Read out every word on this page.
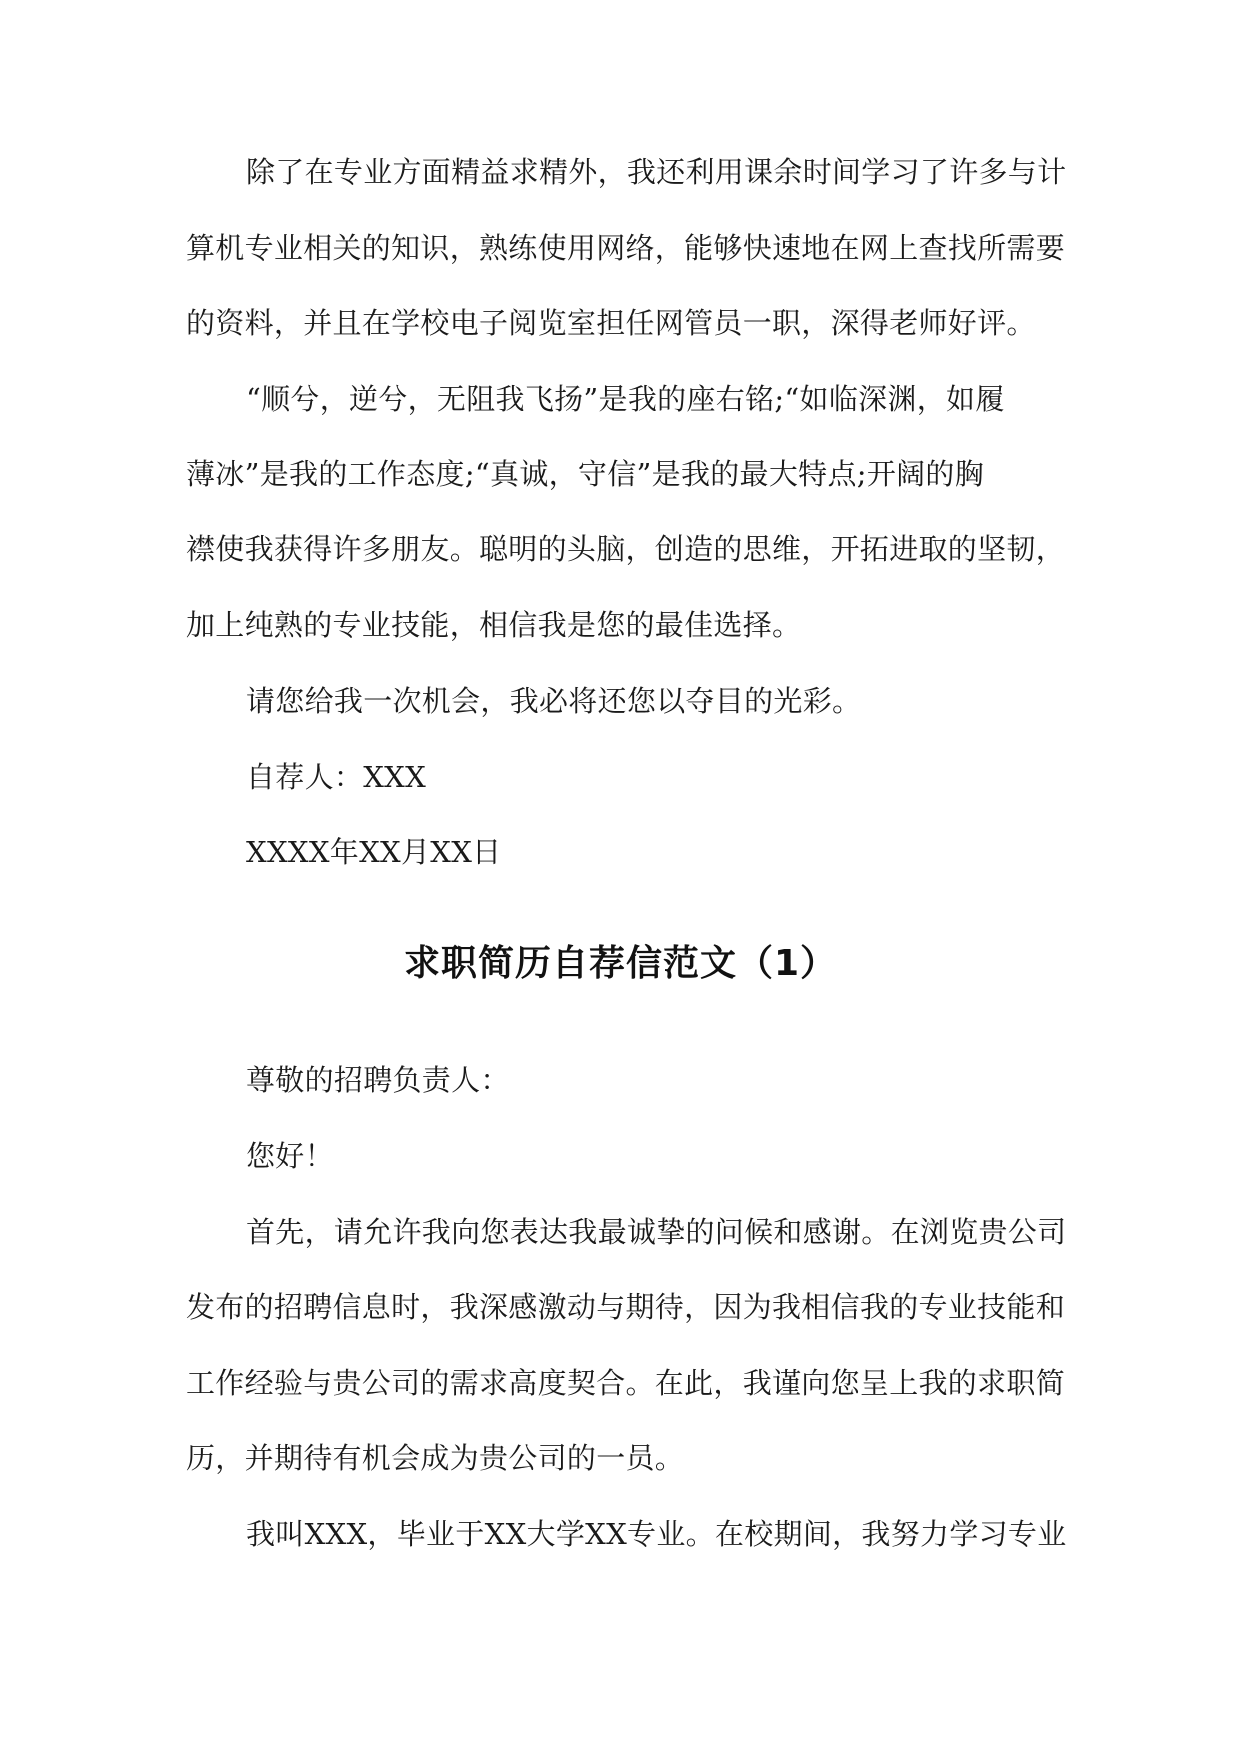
除了在专业方面精益求精外，我还利用课余时间学习了许多与计
算机专业相关的知识，熟练使用网络，能够快速地在网上查找所需要
的资料，并且在学校电子阅览室担任网管员一职，深得老师好评。
“顺兮，逆兮，无阻我飞扬”是我的座右铭;“如临深渊，如履
薄冰”是我的工作态度;“真诚，守信”是我的最大特点;开阔的胸
襟使我获得许多朋友。聪明的头脑，创造的思维，开拓进取的坚韧，
加上纯熟的专业技能，相信我是您的最佳选择。
请您给我一次机会，我必将还您以夺目的光彩。
自荐人：XXX
XXXX年XX月XX日
求职简历自荐信范文（1）
尊敬的招聘负责人：
您好！
首先，请允许我向您表达我最诚挚的问候和感谢。在浏览贵公司
发布的招聘信息时，我深感激动与期待，因为我相信我的专业技能和
工作经验与贵公司的需求高度契合。在此，我谨向您呈上我的求职简
历，并期待有机会成为贵公司的一员。
我叫XXX，毕业于XX大学XX专业。在校期间，我努力学习专业
